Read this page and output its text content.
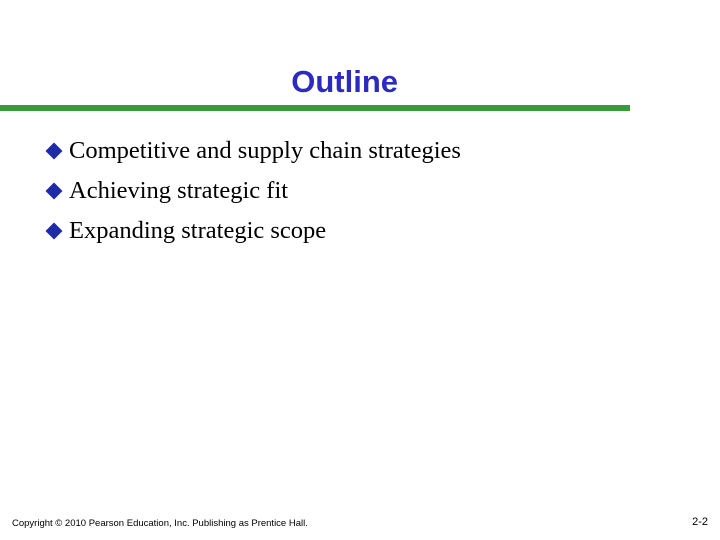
Outline
Competitive and supply chain strategies
Achieving strategic fit
Expanding strategic scope
Copyright © 2010 Pearson Education, Inc. Publishing as Prentice Hall.	2-2
